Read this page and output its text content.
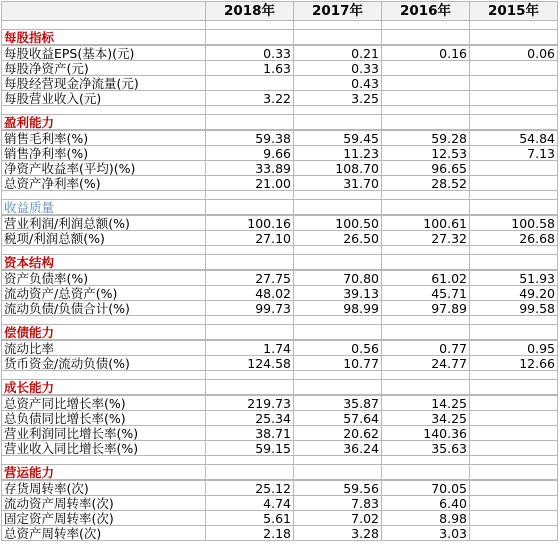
	2018年	2017年	2016年	2015年

每股指标				
每股收益EPS(基本)(元)	0.33	0.21	0.16	0.06
每股净资产(元)	1.63	0.33		
每股经营现金净流量(元)		0.43		
每股营业收入(元)	3.22	3.25		

盈利能力				
销售毛利率(%)	59.38	59.45	59.28	54.84
销售净利率(%)	9.66	11.23	12.53	7.13
净资产收益率(平均)(%)	33.89	108.70	96.65	
总资产净利率(%)	21.00	31.70	28.52	

收益质量				
营业利润/利润总额(%)	100.16	100.50	100.61	100.58
税项/利润总额(%)	27.10	26.50	27.32	26.68

资本结构				
资产负债率(%)	27.75	70.80	61.02	51.93
流动资产/总资产(%)	48.02	39.13	45.71	49.20
流动负债/负债合计(%)	99.73	98.99	97.89	99.58

偿债能力				
流动比率	1.74	0.56	0.77	0.95
货币资金/流动负债(%)	124.58	10.77	24.77	12.66

成长能力				
总资产同比增长率(%)	219.73	35.87	14.25	
总负债同比增长率(%)	25.34	57.64	34.25	
营业利润同比增长率(%)	38.71	20.62	140.36	
营业收入同比增长率(%)	59.15	36.24	35.63	

营运能力				
存货周转率(次)	25.12	59.56	70.05	
流动资产周转率(次)	4.74	7.83	6.40	
固定资产周转率(次)	5.61	7.02	8.98	
总资产周转率(次)	2.18	3.28	3.03	
